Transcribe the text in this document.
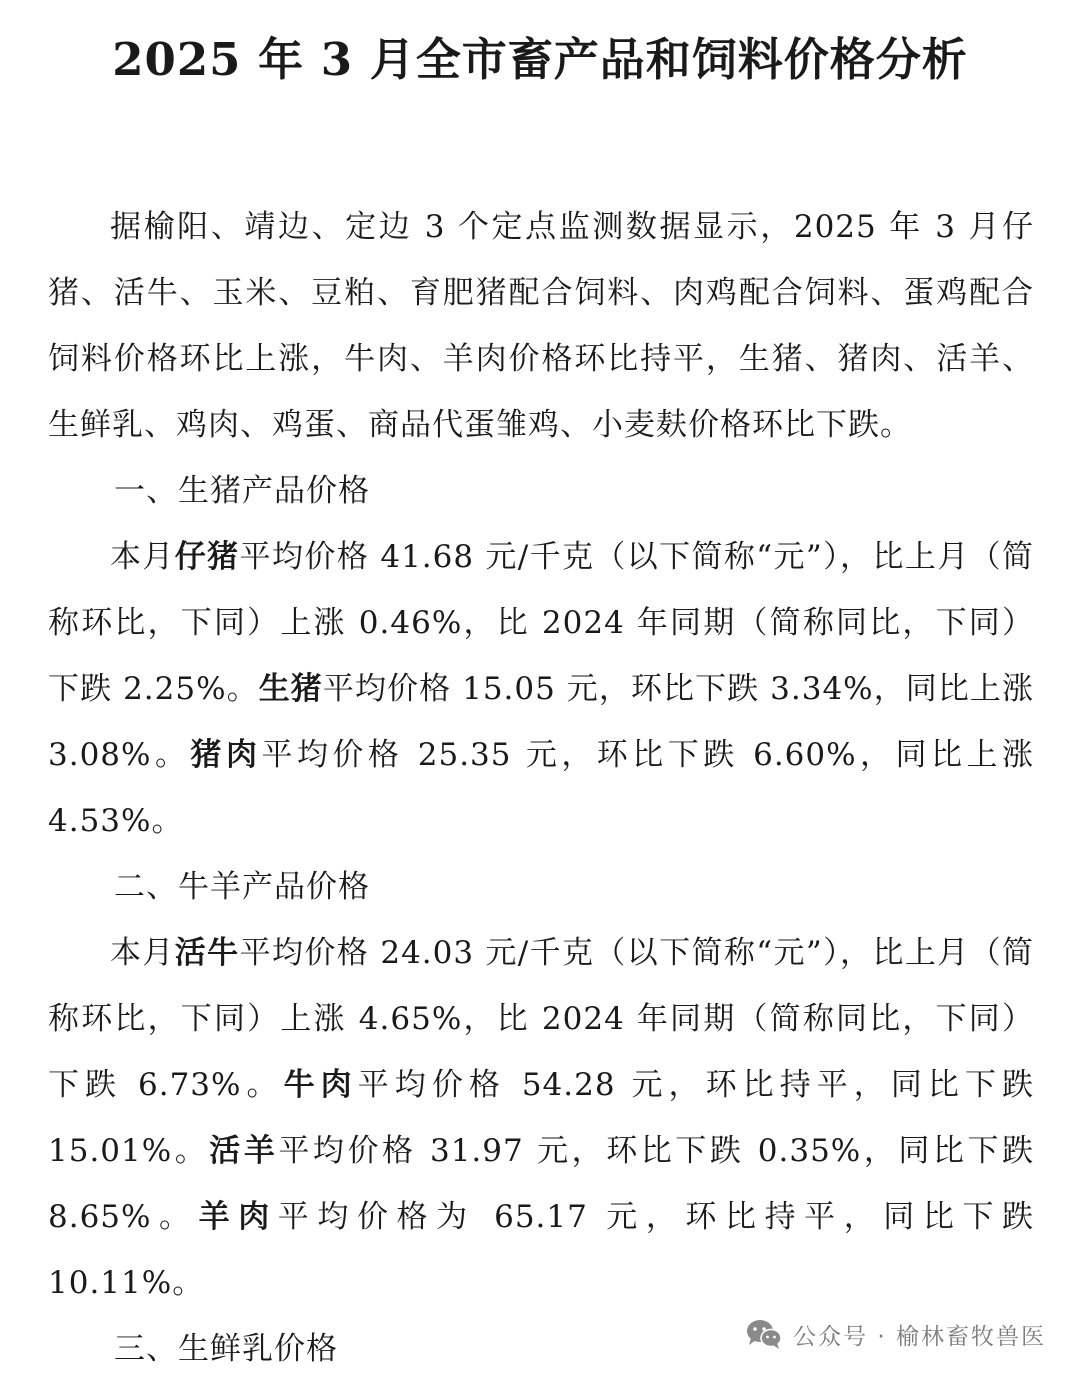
2025 年 3 月全市畜产品和饲料价格分析

据榆阳、靖边、定边 3 个定点监测数据显示，2025 年 3 月仔猪、活牛、玉米、豆粕、育肥猪配合饲料、肉鸡配合饲料、蛋鸡配合饲料价格环比上涨，牛肉、羊肉价格环比持平，生猪、猪肉、活羊、生鲜乳、鸡肉、鸡蛋、商品代蛋雏鸡、小麦麸价格环比下跌。

一、生猪产品价格

本月仔猪平均价格 41.68 元/千克（以下简称“元”），比上月（简称环比，下同）上涨 0.46%，比 2024 年同期（简称同比，下同）下跌 2.25%。生猪平均价格 15.05 元，环比下跌 3.34%，同比上涨 3.08%。猪肉平均价格 25.35 元，环比下跌 6.60%，同比上涨 4.53%。

二、牛羊产品价格

本月活牛平均价格 24.03 元/千克（以下简称“元”），比上月（简称环比，下同）上涨 4.65%，比 2024 年同期（简称同比，下同）下跌 6.73%。牛肉平均价格 54.28 元，环比持平，同比下跌 15.01%。活羊平均价格 31.97 元，环比下跌 0.35%，同比下跌 8.65%。羊肉平均价格为 65.17 元，环比持平，同比下跌 10.11%。

三、生鲜乳价格	公众号 · 榆林畜牧兽医
